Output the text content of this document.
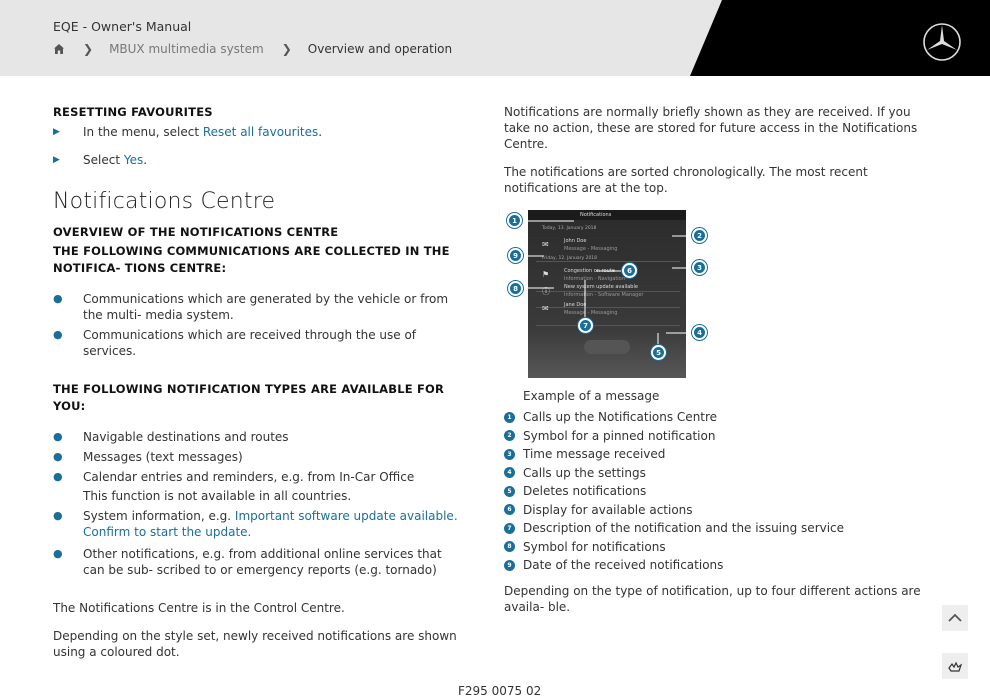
EQE - Owner's Manual
❯ MBUX multimedia system ❯ Overview and operation
RESETTING FAVOURITES
▶	In the menu, select Reset all favourites.
▶	Select Yes.
Notifications Centre
OVERVIEW OF THE NOTIFICATIONS CENTRE
THE FOLLOWING COMMUNICATIONS ARE COLLECTED IN THE NOTIFICA- TIONS CENTRE:
●	Communications which are generated by the vehicle or from the multi- media system.
●	Communications which are received through the use of services.
THE FOLLOWING NOTIFICATION TYPES ARE AVAILABLE FOR YOU:
●	Navigable destinations and routes
●	Messages (text messages)
●	Calendar entries and reminders, e.g. from In-Car Office
This function is not available in all countries.
●	System information, e.g. Important software update available. Confirm to start the update.
●	Other notifications, e.g. from additional online services that can be sub- scribed to or emergency reports (e.g. tornado)
The Notifications Centre is in the Control Centre.
Depending on the style set, newly received notifications are shown using a coloured dot.
Notifications are normally briefly shown as they are received. If you take no action, these are stored for future access in the Notifications Centre.
The notifications are sorted chronologically. The most recent notifications are at the top.
Notifications
Today, 13. January 2018
✉	John Doe
Message - Messaging
Friday, 12. January 2018
⚑	Congestion on route
Information - Navigation
ⓘ	New system update available
Information - Software Manager
✉	Jane Doe
Message - Messaging
1
2
3
4
5
6
7
8
9
Example of a message
1 Calls up the Notifications Centre
2 Symbol for a pinned notification
3 Time message received
4 Calls up the settings
5 Deletes notifications
6 Display for available actions
7 Description of the notification and the issuing service
8 Symbol for notifications
9 Date of the received notifications
Depending on the type of notification, up to four different actions are availa- ble.
F295 0075 02
